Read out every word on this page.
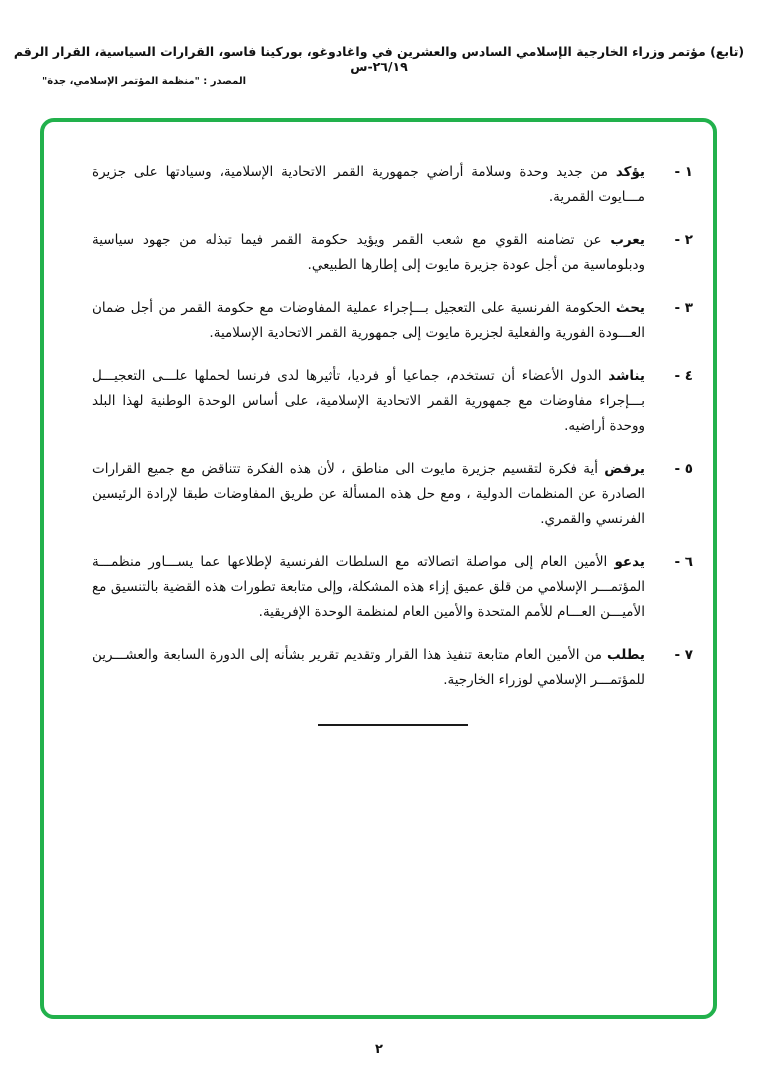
(تابع) مؤتمر وزراء الخارجية الإسلامي السادس والعشرين في واغادوغو، بوركينا فاسو، القرارات السياسية، القرار الرقم ٢٦/١٩-س
المصدر : "منظمة المؤتمر الإسلامي، جدة"
١ -

يؤكد من جديد وحدة وسلامة أراضي جمهورية القمر الاتحادية الإسلامية، وسيادتها على جزيرة مـــايوت القمرية.

٢ -

يعرب عن تضامنه القوي مع شعب القمر ويؤيد حكومة القمر فيما تبذله من جهود سياسية ودبلوماسية من أجل عودة جزيرة مايوت إلى إطارها الطبيعي.

٣ -

يحث الحكومة الفرنسية على التعجيل بـــإجراء عملية المفاوضات مع حكومة القمر من أجل ضمان العـــودة الفورية والفعلية لجزيرة مايوت إلى جمهورية القمر الاتحادية الإسلامية.

٤ -

يناشد الدول الأعضاء أن تستخدم، جماعيا أو فرديا، تأثيرها لدى فرنسا لحملها علـــى التعجيـــل بـــإجراء مفاوضات مع جمهورية القمر الاتحادية الإسلامية، على أساس الوحدة الوطنية لهذا البلد ووحدة أراضيه.

٥ -

يرفض أية فكرة لتقسيم جزيرة مايوت الى مناطق ، لأن هذه الفكرة تتناقض مع جميع القرارات الصادرة عن المنظمات الدولية ، ومع حل هذه المسألة عن طريق المفاوضات طبقا لإرادة الرئيسين الفرنسي والقمري.

٦ -

يدعو الأمين العام إلى مواصلة اتصالاته مع السلطات الفرنسية لإطلاعها عما يســـاور منظمـــة المؤتمـــر الإسلامي من قلق عميق إزاء هذه المشكلة، وإلى متابعة تطورات هذه القضية بالتنسيق مع الأميـــن العـــام للأمم المتحدة والأمين العام لمنظمة الوحدة الإفريقية.

٧ -

يطلب من الأمين العام متابعة تنفيذ هذا القرار وتقديم تقرير بشأنه إلى الدورة السابعة والعشـــرين للمؤتمـــر الإسلامي لوزراء الخارجية.

٢
